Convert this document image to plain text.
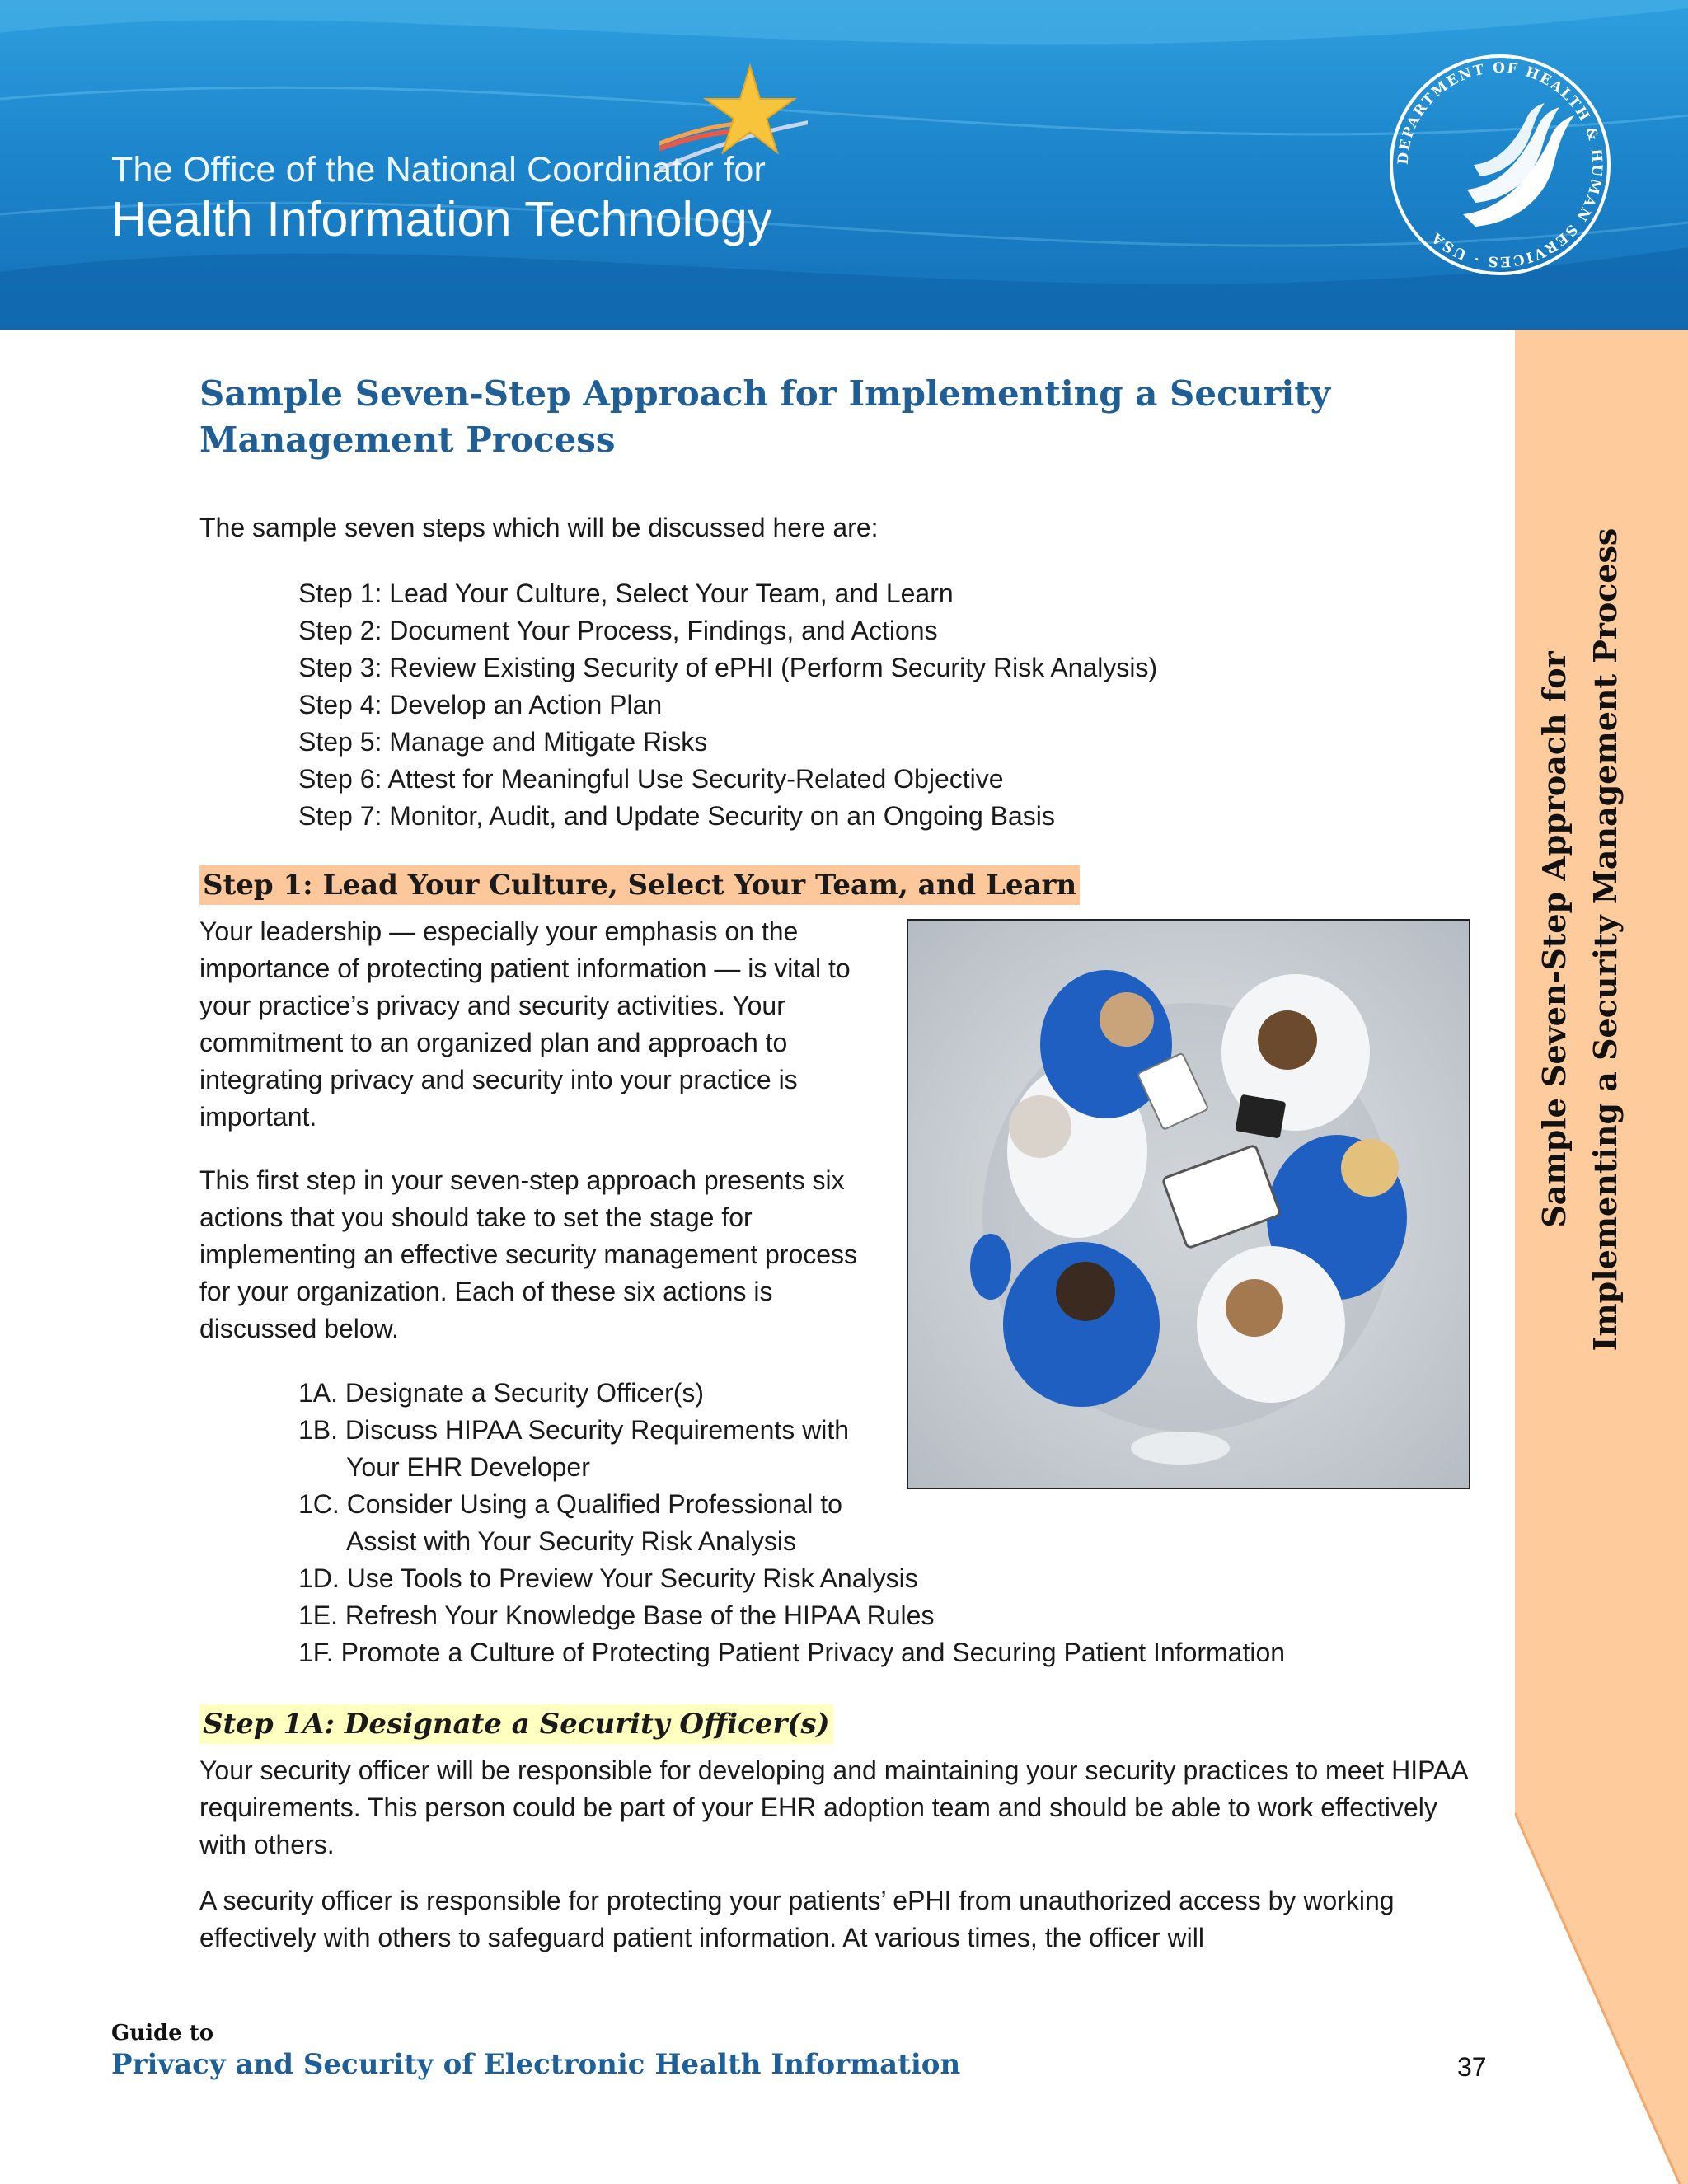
The Office of the National Coordinator for
Health Information Technology
DEPARTMENT OF HEALTH & HUMAN SERVICES · USA
Sample Seven-Step Approach for Implementing a Security Management Process
Sample Seven-Step Approach for Implementing a Security Management Process

The sample seven steps which will be discussed here are:

Step 1: Lead Your Culture, Select Your Team, and Learn
Step 2: Document Your Process, Findings, and Actions
Step 3: Review Existing Security of ePHI (Perform Security Risk Analysis)
Step 4: Develop an Action Plan
Step 5: Manage and Mitigate Risks
Step 6: Attest for Meaningful Use Security-Related Objective
Step 7: Monitor, Audit, and Update Security on an Ongoing Basis
Step 1: Lead Your Culture, Select Your Team, and Learn

Your leadership — especially your emphasis on the importance of protecting patient information — is vital to your practice’s privacy and security activities. Your commitment to an organized plan and approach to integrating privacy and security into your practice is important.

This first step in your seven-step approach presents six actions that you should take to set the stage for implementing an effective security management process for your organization. Each of these six actions is discussed below.

1A. Designate a Security Officer(s)
1B. Discuss HIPAA Security Requirements with
Your EHR Developer
1C. Consider Using a Qualified Professional to
Assist with Your Security Risk Analysis
1D. Use Tools to Preview Your Security Risk Analysis
1E. Refresh Your Knowledge Base of the HIPAA Rules
1F. Promote a Culture of Protecting Patient Privacy and Securing Patient Information
Step 1A: Designate a Security Officer(s)

Your security officer will be responsible for developing and maintaining your security practices to meet HIPAA requirements. This person could be part of your EHR adoption team and should be able to work effectively with others.

A security officer is responsible for protecting your patients’ ePHI from unauthorized access by working effectively with others to safeguard patient information. At various times, the officer will

Guide to
Privacy and Security of Electronic Health Information	37
